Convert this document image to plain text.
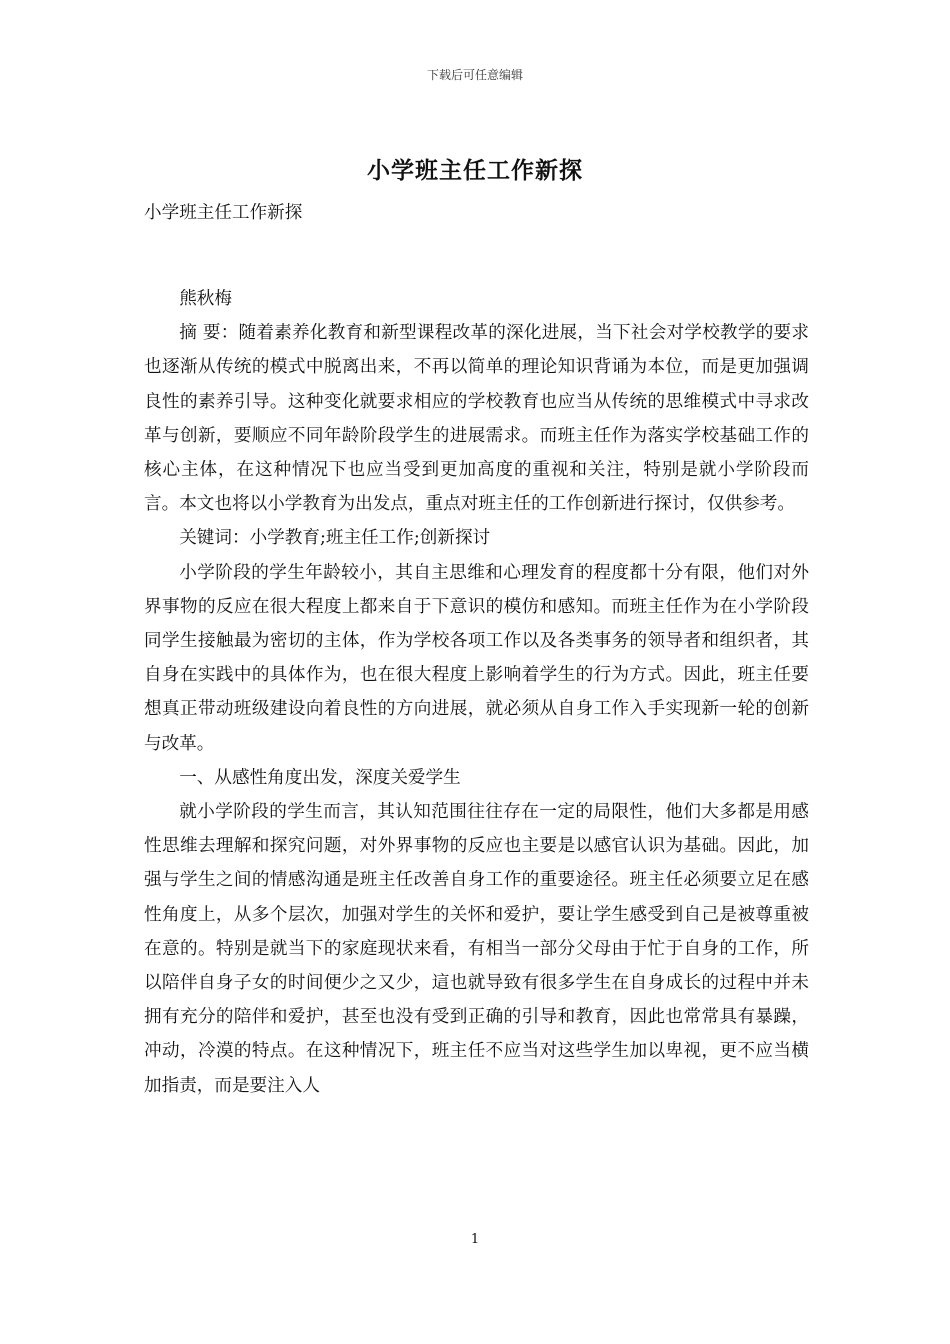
下载后可任意编辑
小学班主任工作新探
小学班主任工作新探

熊秋梅

摘 要：随着素养化教育和新型课程改革的深化进展，当下社会对学校教学的要求也逐渐从传统的模式中脱离出来，不再以简单的理论知识背诵为本位，而是更加强调良性的素养引导。这种变化就要求相应的学校教育也应当从传统的思维模式中寻求改革与创新，要顺应不同年龄阶段学生的进展需求。而班主任作为落实学校基础工作的核心主体，在这种情况下也应当受到更加高度的重视和关注，特别是就小学阶段而言。本文也将以小学教育为出发点，重点对班主任的工作创新进行探讨，仅供参考。

关键词：小学教育;班主任工作;创新探讨

小学阶段的学生年龄较小，其自主思维和心理发育的程度都十分有限，他们对外界事物的反应在很大程度上都来自于下意识的模仿和感知。而班主任作为在小学阶段同学生接触最为密切的主体，作为学校各项工作以及各类事务的领导者和组织者，其自身在实践中的具体作为，也在很大程度上影响着学生的行为方式。因此，班主任要想真正带动班级建设向着良性的方向进展，就必须从自身工作入手实现新一轮的创新与改革。

一、从感性角度出发，深度关爱学生

就小学阶段的学生而言，其认知范围往往存在一定的局限性，他们大多都是用感性思维去理解和探究问题，对外界事物的反应也主要是以感官认识为基础。因此，加强与学生之间的情感沟通是班主任改善自身工作的重要途径。班主任必须要立足在感性角度上，从多个层次，加强对学生的关怀和爱护，要让学生感受到自己是被尊重被在意的。特别是就当下的家庭现状来看，有相当一部分父母由于忙于自身的工作，所以陪伴自身子女的时间便少之又少，這也就导致有很多学生在自身成长的过程中并未拥有充分的陪伴和爱护，甚至也没有受到正确的引导和教育，因此也常常具有暴躁，冲动，冷漠的特点。在这种情况下，班主任不应当对这些学生加以卑视，更不应当横加指责，而是要注入人

1
